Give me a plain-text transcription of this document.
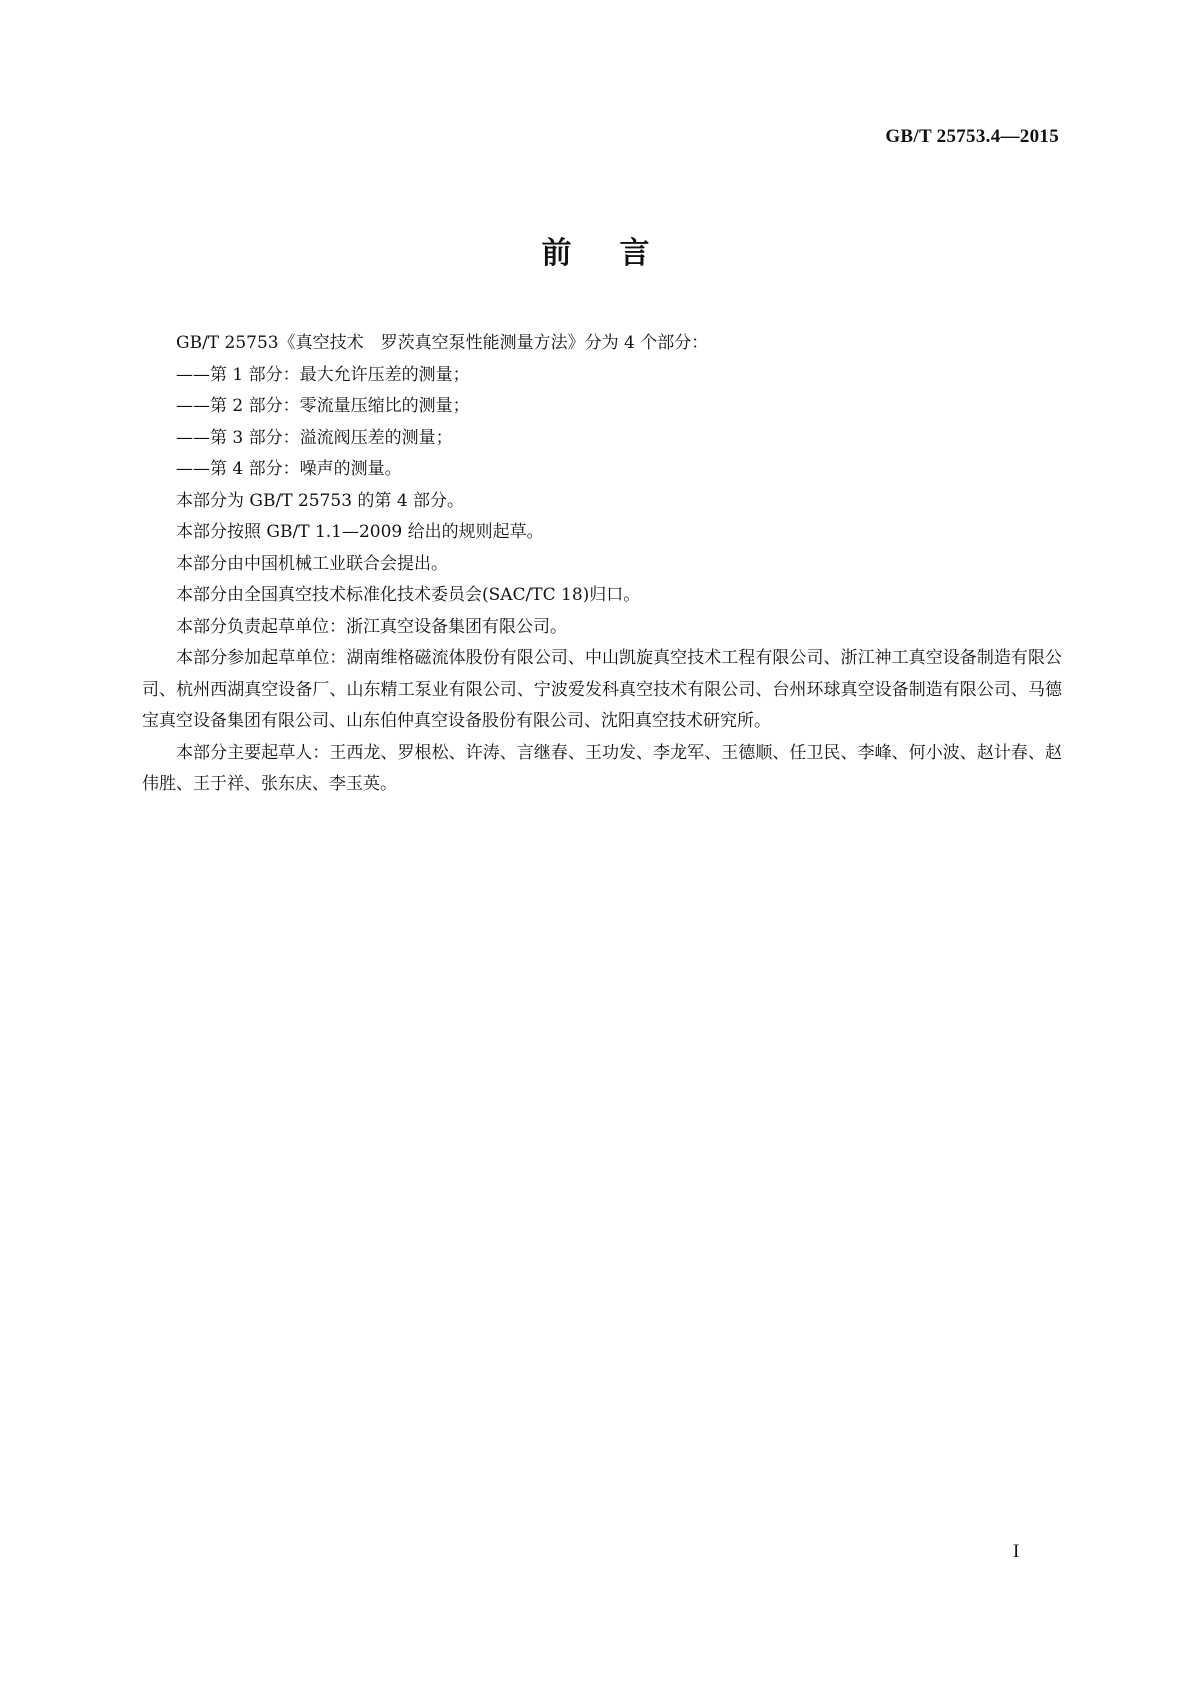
GB/T 25753.4—2015
前言

GB/T 25753《真空技术　罗茨真空泵性能测量方法》分为 4 个部分：

——第 1 部分：最大允许压差的测量；

——第 2 部分：零流量压缩比的测量；

——第 3 部分：溢流阀压差的测量；

——第 4 部分：噪声的测量。

本部分为 GB/T 25753 的第 4 部分。

本部分按照 GB/T 1.1—2009 给出的规则起草。

本部分由中国机械工业联合会提出。

本部分由全国真空技术标准化技术委员会(SAC/TC 18)归口。

本部分负责起草单位：浙江真空设备集团有限公司。

本部分参加起草单位：湖南维格磁流体股份有限公司、中山凯旋真空技术工程有限公司、浙江神工真空设备制造有限公司、杭州西湖真空设备厂、山东精工泵业有限公司、宁波爱发科真空技术有限公司、台州环球真空设备制造有限公司、马德宝真空设备集团有限公司、山东伯仲真空设备股份有限公司、沈阳真空技术研究所。

本部分主要起草人：王西龙、罗根松、许涛、言继春、王功发、李龙军、王德顺、任卫民、李峰、何小波、赵计春、赵伟胜、王于祥、张东庆、李玉英。

I
